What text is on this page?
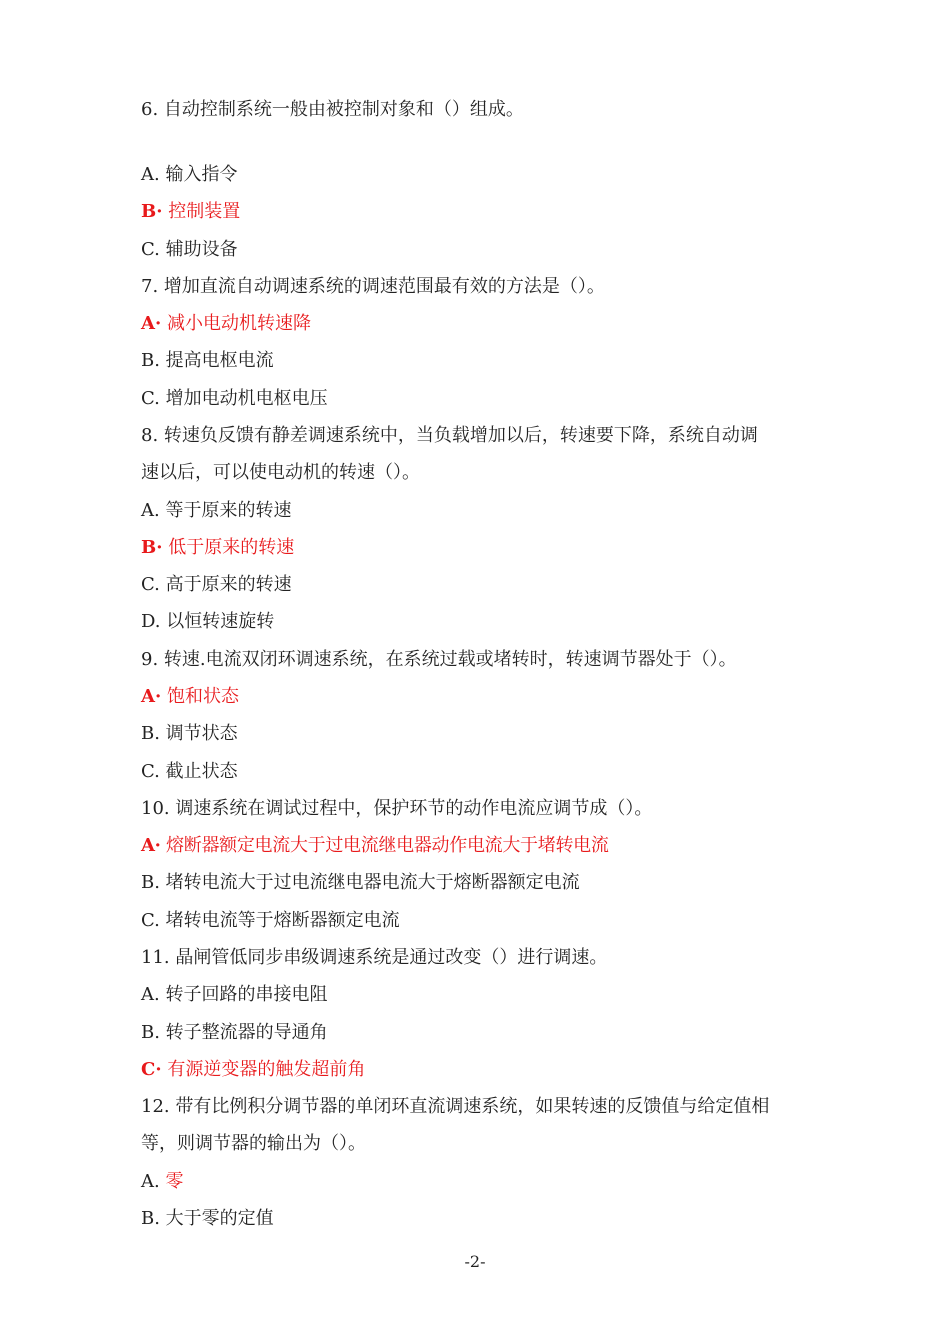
6. 自动控制系统一般由被控制对象和（）组成。
A. 输入指令
B· 控制装置
C. 辅助设备
7. 增加直流自动调速系统的调速范围最有效的方法是（）。
A· 减小电动机转速降
B. 提高电枢电流
C. 增加电动机电枢电压
8. 转速负反馈有静差调速系统中，当负载增加以后，转速要下降，系统自动调
速以后，可以使电动机的转速（）。
A. 等于原来的转速
B· 低于原来的转速
C. 高于原来的转速
D. 以恒转速旋转
9. 转速.电流双闭环调速系统，在系统过载或堵转时，转速调节器处于（）。
A· 饱和状态
B. 调节状态
C. 截止状态
10. 调速系统在调试过程中，保护环节的动作电流应调节成（）。
A· 熔断器额定电流大于过电流继电器动作电流大于堵转电流
B. 堵转电流大于过电流继电器电流大于熔断器额定电流
C. 堵转电流等于熔断器额定电流
11. 晶闸管低同步串级调速系统是通过改变（）进行调速。
A. 转子回路的串接电阻
B. 转子整流器的导通角
C· 有源逆变器的触发超前角
12. 带有比例积分调节器的单闭环直流调速系统，如果转速的反馈值与给定值相
等，则调节器的输出为（）。
A. 零
B. 大于零的定值
-2-
